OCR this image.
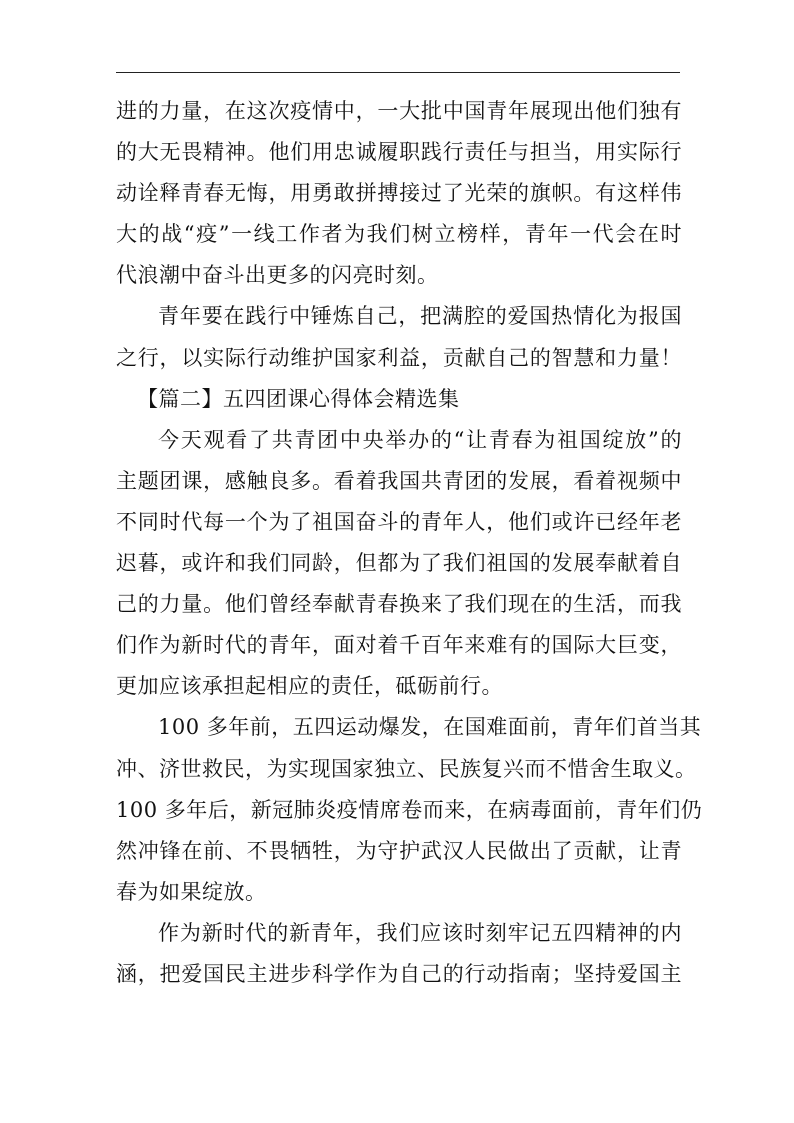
进的力量，在这次疫情中，一大批中国青年展现出他们独有
的大无畏精神。他们用忠诚履职践行责任与担当，用实际行
动诠释青春无悔，用勇敢拼搏接过了光荣的旗帜。有这样伟
大的战“疫”一线工作者为我们树立榜样，青年一代会在时
代浪潮中奋斗出更多的闪亮时刻。
青年要在践行中锤炼自己，把满腔的爱国热情化为报国
之行，以实际行动维护国家利益，贡献自己的智慧和力量！
【篇二】五四团课心得体会精选集
今天观看了共青团中央举办的“让青春为祖国绽放”的
主题团课，感触良多。看着我国共青团的发展，看着视频中
不同时代每一个为了祖国奋斗的青年人，他们或许已经年老
迟暮，或许和我们同龄，但都为了我们祖国的发展奉献着自
己的力量。他们曾经奉献青春换来了我们现在的生活，而我
们作为新时代的青年，面对着千百年来难有的国际大巨变，
更加应该承担起相应的责任，砥砺前行。
100 多年前，五四运动爆发，在国难面前，青年们首当其
冲、济世救民，为实现国家独立、民族复兴而不惜舍生取义。
100 多年后，新冠肺炎疫情席卷而来，在病毒面前，青年们仍
然冲锋在前、不畏牺牲，为守护武汉人民做出了贡献，让青
春为如果绽放。
作为新时代的新青年，我们应该时刻牢记五四精神的内
涵，把爱国民主进步科学作为自己的行动指南；坚持爱国主
